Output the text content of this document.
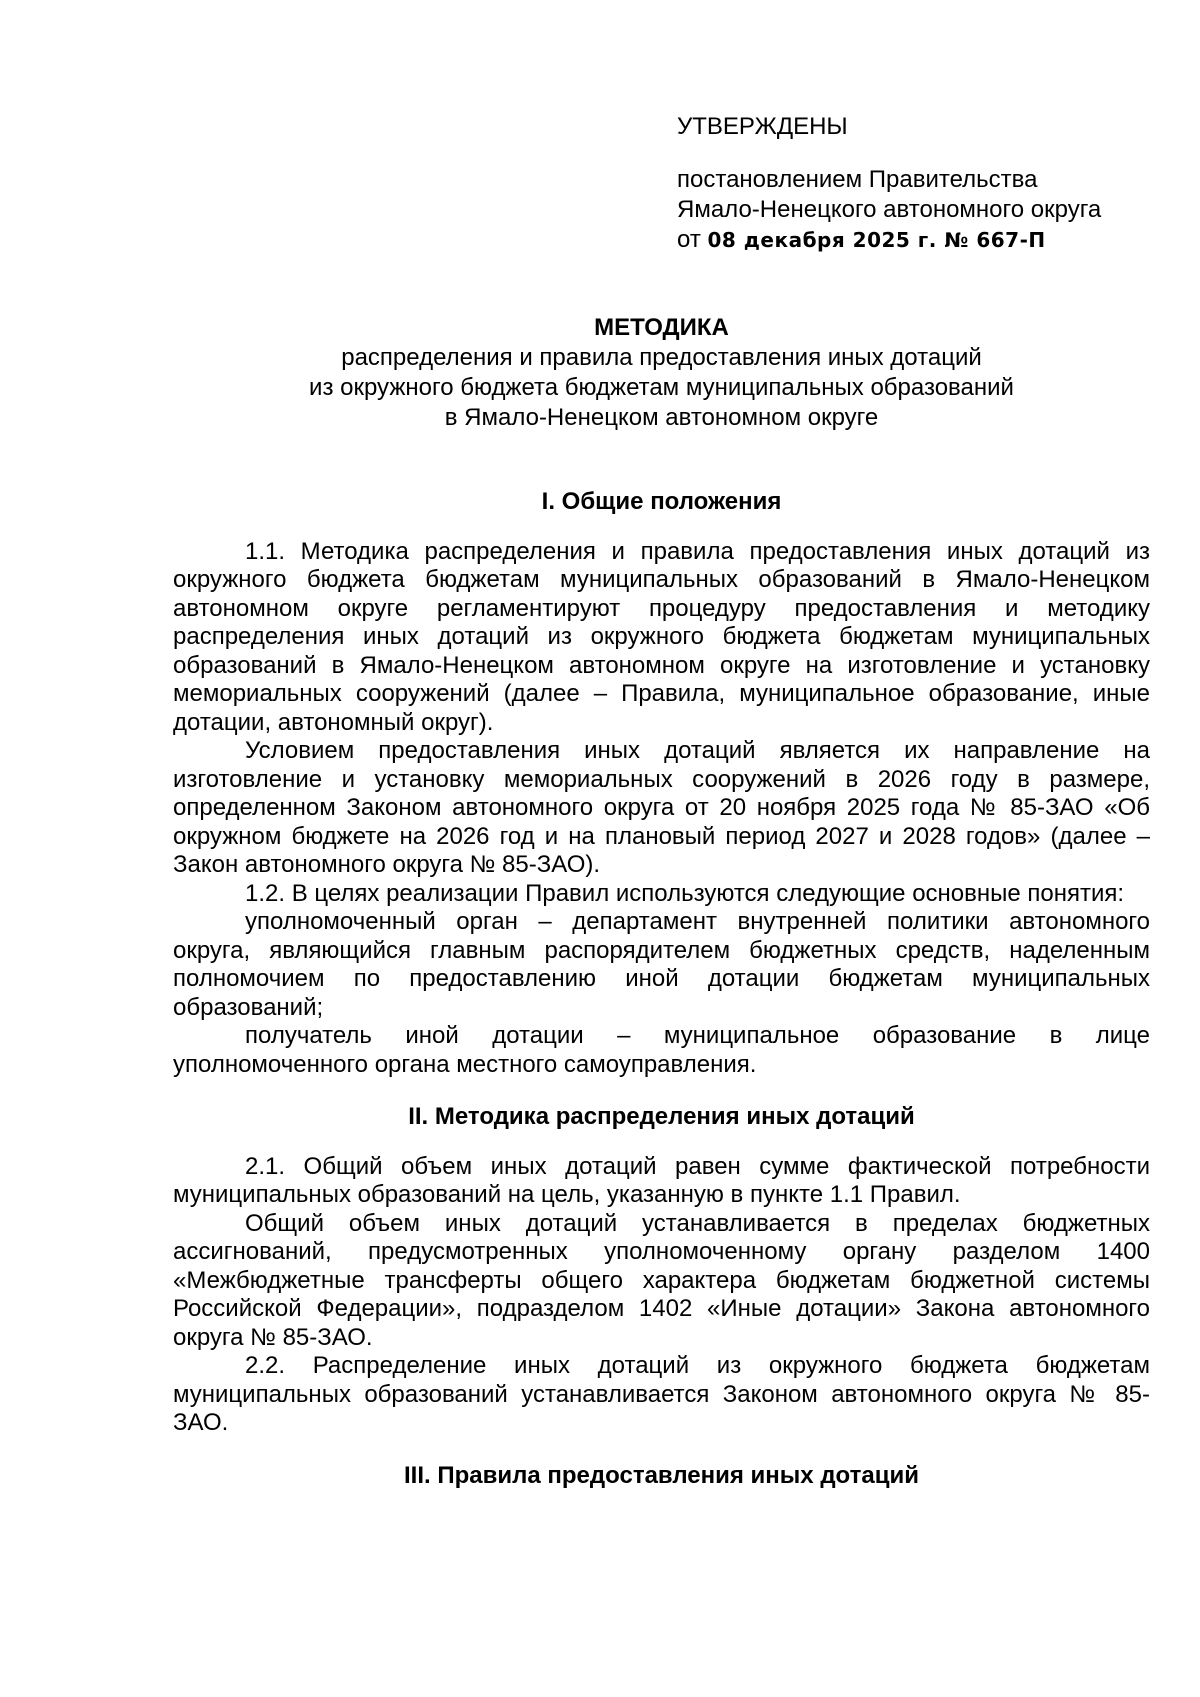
УТВЕРЖДЕНЫ
постановлением Правительства
Ямало-Ненецкого автономного округа
от 08 декабря 2025 г. № 667-П
МЕТОДИКА
распределения и правила предоставления иных дотаций
из окружного бюджета бюджетам муниципальных образований
в Ямало-Ненецком автономном округе

I. Общие положения

1.1. Методика распределения и правила предоставления иных дотаций из окружного бюджета бюджетам муниципальных образований в Ямало-Ненецком автономном округе регламентируют процедуру предоставления и методику распределения иных дотаций из окружного бюджета бюджетам муниципальных образований в Ямало-Ненецком автономном округе на изготовление и установку мемориальных сооружений (далее – Правила, муниципальное образование, иные дотации, автономный округ).

Условием предоставления иных дотаций является их направление на изготовление и установку мемориальных сооружений в 2026 году в размере, определенном Законом автономного округа от 20 ноября 2025 года № 85-ЗАО «Об окружном бюджете на 2026 год и на плановый период 2027 и 2028 годов» (далее – Закон автономного округа № 85-ЗАО).

1.2. В целях реализации Правил используются следующие основные понятия:

уполномоченный орган – департамент внутренней политики автономного округа, являющийся главным распорядителем бюджетных средств, наделенным полномочием по предоставлению иной дотации бюджетам муниципальных образований;

получатель иной дотации – муниципальное образование в лице уполномоченного органа местного самоуправления.

II. Методика распределения иных дотаций

2.1. Общий объем иных дотаций равен сумме фактической потребности муниципальных образований на цель, указанную в пункте 1.1 Правил.

Общий объем иных дотаций устанавливается в пределах бюджетных ассигнований, предусмотренных уполномоченному органу разделом 1400 «Межбюджетные трансферты общего характера бюджетам бюджетной системы Российской Федерации», подразделом 1402 «Иные дотации» Закона автономного округа № 85-ЗАО.

2.2. Распределение иных дотаций из окружного бюджета бюджетам муниципальных образований устанавливается Законом автономного округа № 85-ЗАО.

III. Правила предоставления иных дотаций
